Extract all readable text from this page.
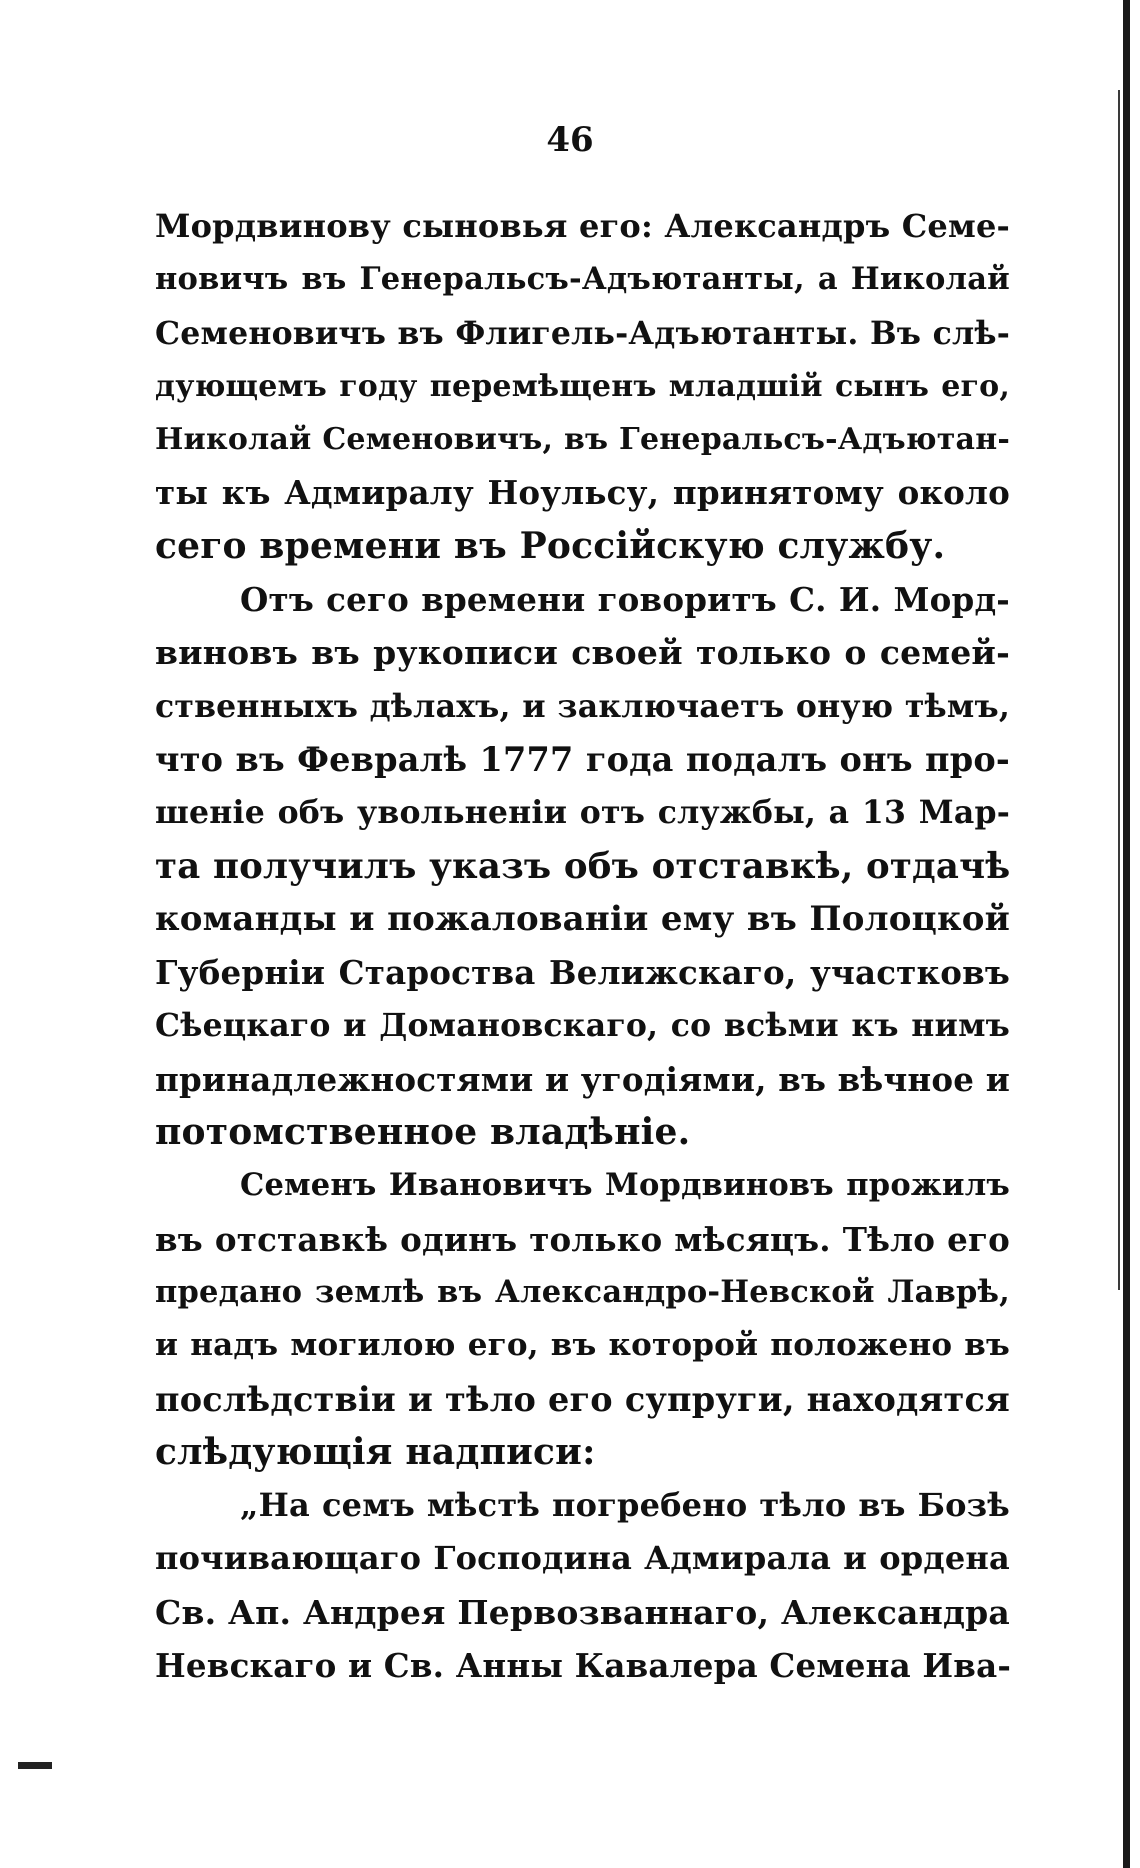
46
Мордвинову сыновья его: Александръ Семе-
новичъ въ Генеральсъ-Адъютанты, а Николай
Семеновичъ въ Флигель-Адъютанты. Въ слѣ-
дующемъ году перемѣщенъ младшій сынъ его,
Николай Семеновичъ, въ Генеральсъ-Адъютан-
ты къ Адмиралу Ноульсу, принятому около
сего времени въ Россійскую службу.
Отъ сего времени говоритъ С. И. Морд-
виновъ въ рукописи своей только о семей-
ственныхъ дѣлахъ, и заключаетъ оную тѣмъ,
что въ Февралѣ 1777 года подалъ онъ про-
шеніе объ увольненіи отъ службы, а 13 Мар-
та получилъ указъ объ отставкѣ, отдачѣ
команды и пожалованіи ему въ Полоцкой
Губерніи Староства Велижскаго, участковъ
Сѣецкаго и Домановскаго, со всѣми къ нимъ
принадлежностями и угодіями, въ вѣчное и
потомственное владѣніе.
Семенъ Ивановичъ Мордвиновъ прожилъ
въ отставкѣ одинъ только мѣсяцъ. Тѣло его
предано землѣ въ Александро-Невской Лаврѣ,
и надъ могилою его, въ которой положено въ
послѣдствіи и тѣло его супруги, находятся
слѣдующія надписи:
„На семъ мѣстѣ погребено тѣло въ Бозѣ
почивающаго Господина Адмирала и ордена
Св. Ап. Андрея Первозваннаго, Александра
Невскаго и Св. Анны Кавалера Семена Ива-
